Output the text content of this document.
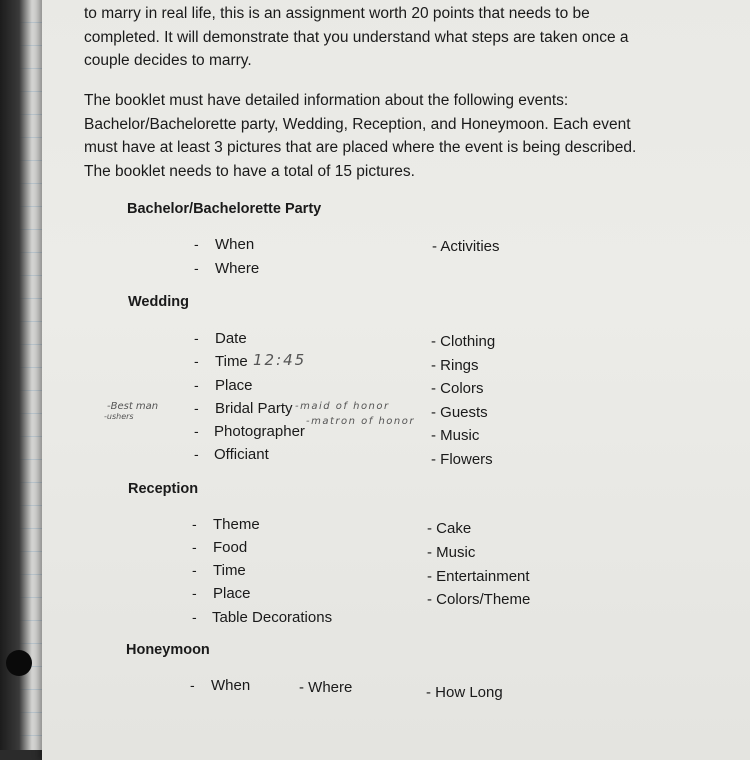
to marry in real life, this is an assignment worth 20 points that needs to be
completed. It will demonstrate that you understand what steps are taken once a
couple decides to marry.
The booklet must have detailed information about the following events:
Bachelor/Bachelorette party, Wedding, Reception, and Honeymoon. Each event
must have at least 3 pictures that are placed where the event is being described.
The booklet needs to have a total of 15 pictures.
Bachelor/Bachelorette Party
- When
- Where
- Activities
Wedding
- Date
- Time
- Place
- Bridal Party
- Photographer
- Officiant
- Clothing
- Rings
- Colors
- Guests
- Music
- Flowers
12:45
-maid of honor
-matron of honor
-Best man
-ushers
Reception
- Theme
- Food
- Time
- Place
- Table Decorations
- Cake
- Music
- Entertainment
- Colors/Theme
Honeymoon
- When	- Where	- How Long
